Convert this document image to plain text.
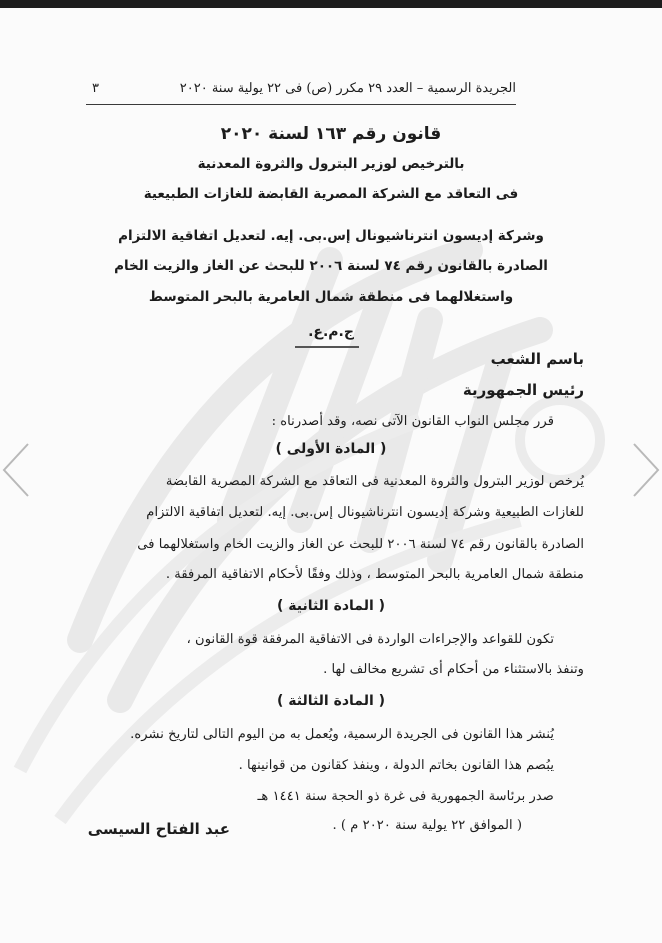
الجريدة الرسمية – العدد ٢٩ مكرر (ص) فى ٢٢ يولية سنة ٢٠٢٠
٣
قانون رقم ١٦٣ لسنة ٢٠٢٠
بالترخيص لوزير البترول والثروة المعدنية
فى التعاقد مع الشركة المصرية القابضة للغازات الطبيعية
وشركة إديسون انترناشيونال إس.بى. إيه. لتعديل اتفاقية الالتزام
الصادرة بالقانون رقم ٧٤ لسنة ٢٠٠٦ للبحث عن الغاز والزيت الخام
واستغلالهما فى منطقة شمال العامرية بالبحر المتوسط
ج.م.ع.
باسم الشعب
رئيس الجمهورية
قرر مجلس النواب القانون الآتى نصه، وقد أصدرناه :
( المادة الأولى )
يُرخص لوزير البترول والثروة المعدنية فى التعاقد مع الشركة المصرية القابضة
للغازات الطبيعية وشركة إديسون انترناشيونال إس.بى. إيه. لتعديل اتفاقية الالتزام
الصادرة بالقانون رقم ٧٤ لسنة ٢٠٠٦ للبحث عن الغاز والزيت الخام واستغلالهما فى
منطقة شمال العامرية بالبحر المتوسط ، وذلك وفقًا لأحكام الاتفاقية المرفقة .
( المادة الثانية )
تكون للقواعد والإجراءات الواردة فى الاتفاقية المرفقة قوة القانون ،
وتنفذ بالاستثناء من أحكام أى تشريع مخالف لها .
( المادة الثالثة )
يُنشر هذا القانون فى الجريدة الرسمية، ويُعمل به من اليوم التالى لتاريخ نشره.
يبُصم هذا القانون بخاتم الدولة ، وينفذ كقانون من قوانينها .
صدر برئاسة الجمهورية فى غرة ذو الحجة سنة ١٤٤١ هـ
( الموافق ٢٢ يولية سنة ٢٠٢٠ م ) .
عبد الفتاح السيسى
